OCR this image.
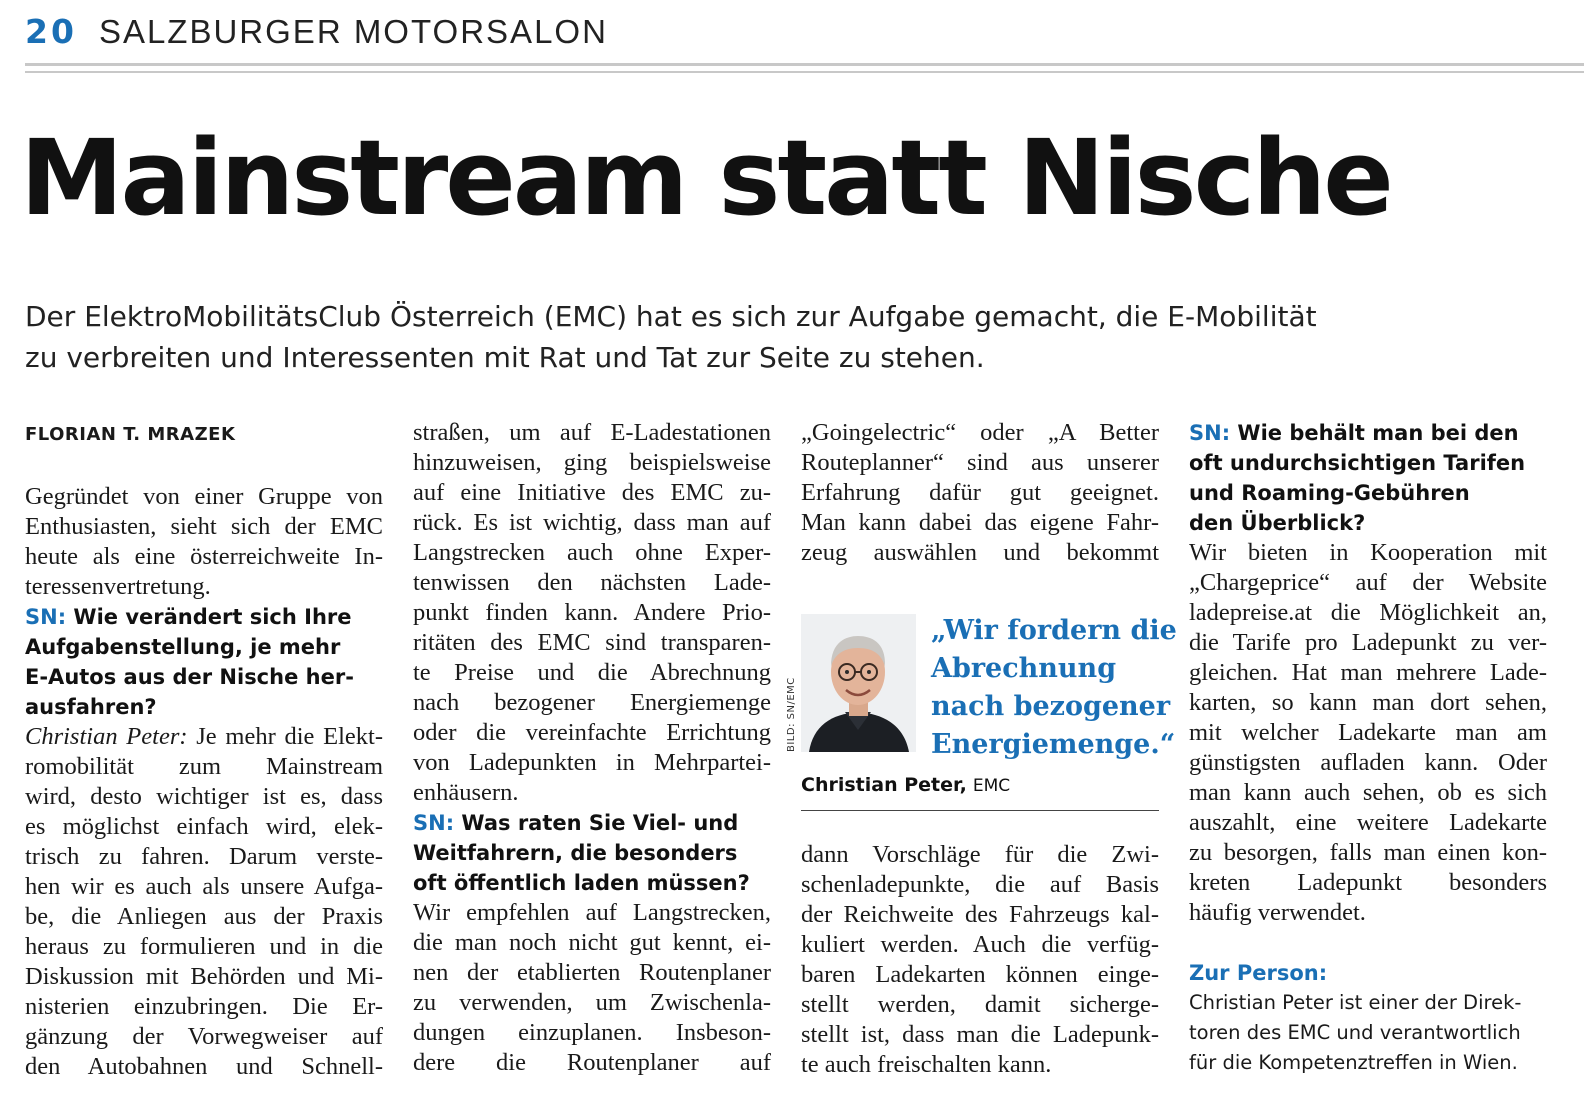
20 SALZBURGER MOTORSALON
Mainstream statt Nische
Der ElektroMobilitätsClub Österreich (EMC) hat es sich zur Aufgabe gemacht, die E-Mobilität
zu verbreiten und Interessenten mit Rat und Tat zur Seite zu stehen.
FLORIAN T. MRAZEK
Gegründet von einer Gruppe von
Enthusiasten, sieht sich der EMC
heute als eine österreichweite In-
teressenvertretung.
SN: Wie verändert sich Ihre
Aufgabenstellung, je mehr
E-Autos aus der Nische her-
ausfahren?
Christian Peter: Je mehr die Elekt-
romobilität zum Mainstream
wird, desto wichtiger ist es, dass
es möglichst einfach wird, elek-
trisch zu fahren. Darum verste-
hen wir es auch als unsere Aufga-
be, die Anliegen aus der Praxis
heraus zu formulieren und in die
Diskussion mit Behörden und Mi-
nisterien einzubringen. Die Er-
gänzung der Vorwegweiser auf
den Autobahnen und Schnell-
straßen, um auf E-Ladestationen
hinzuweisen, ging beispielsweise
auf eine Initiative des EMC zu-
rück. Es ist wichtig, dass man auf
Langstrecken auch ohne Exper-
tenwissen den nächsten Lade-
punkt finden kann. Andere Prio-
ritäten des EMC sind transparen-
te Preise und die Abrechnung
nach bezogener Energiemenge
oder die vereinfachte Errichtung
von Ladepunkten in Mehrpartei-
enhäusern.
SN: Was raten Sie Viel- und
Weitfahrern, die besonders
oft öffentlich laden müssen?
Wir empfehlen auf Langstrecken,
die man noch nicht gut kennt, ei-
nen der etablierten Routenplaner
zu verwenden, um Zwischenla-
dungen einzuplanen. Insbeson-
dere die Routenplaner auf
„Goingelectric“ oder „A Better
Routeplanner“ sind aus unserer
Erfahrung dafür gut geeignet.
Man kann dabei das eigene Fahr-
zeug auswählen und bekommt
BILD: SN/EMC
„Wir fordern die
Abrechnung
nach bezogener
Energiemenge.“
Christian Peter, EMC
dann Vorschläge für die Zwi-
schenladepunkte, die auf Basis
der Reichweite des Fahrzeugs kal-
kuliert werden. Auch die verfüg-
baren Ladekarten können einge-
stellt werden, damit sicherge-
stellt ist, dass man die Ladepunk-
te auch freischalten kann.
SN: Wie behält man bei den
oft undurchsichtigen Tarifen
und Roaming-Gebühren
den Überblick?
Wir bieten in Kooperation mit
„Chargeprice“ auf der Website
ladepreise.at die Möglichkeit an,
die Tarife pro Ladepunkt zu ver-
gleichen. Hat man mehrere Lade-
karten, so kann man dort sehen,
mit welcher Ladekarte man am
günstigsten aufladen kann. Oder
man kann auch sehen, ob es sich
auszahlt, eine weitere Ladekarte
zu besorgen, falls man einen kon-
kreten Ladepunkt besonders
häufig verwendet.
Zur Person:
Christian Peter ist einer der Direk-
toren des EMC und verantwortlich
für die Kompetenztreffen in Wien.
